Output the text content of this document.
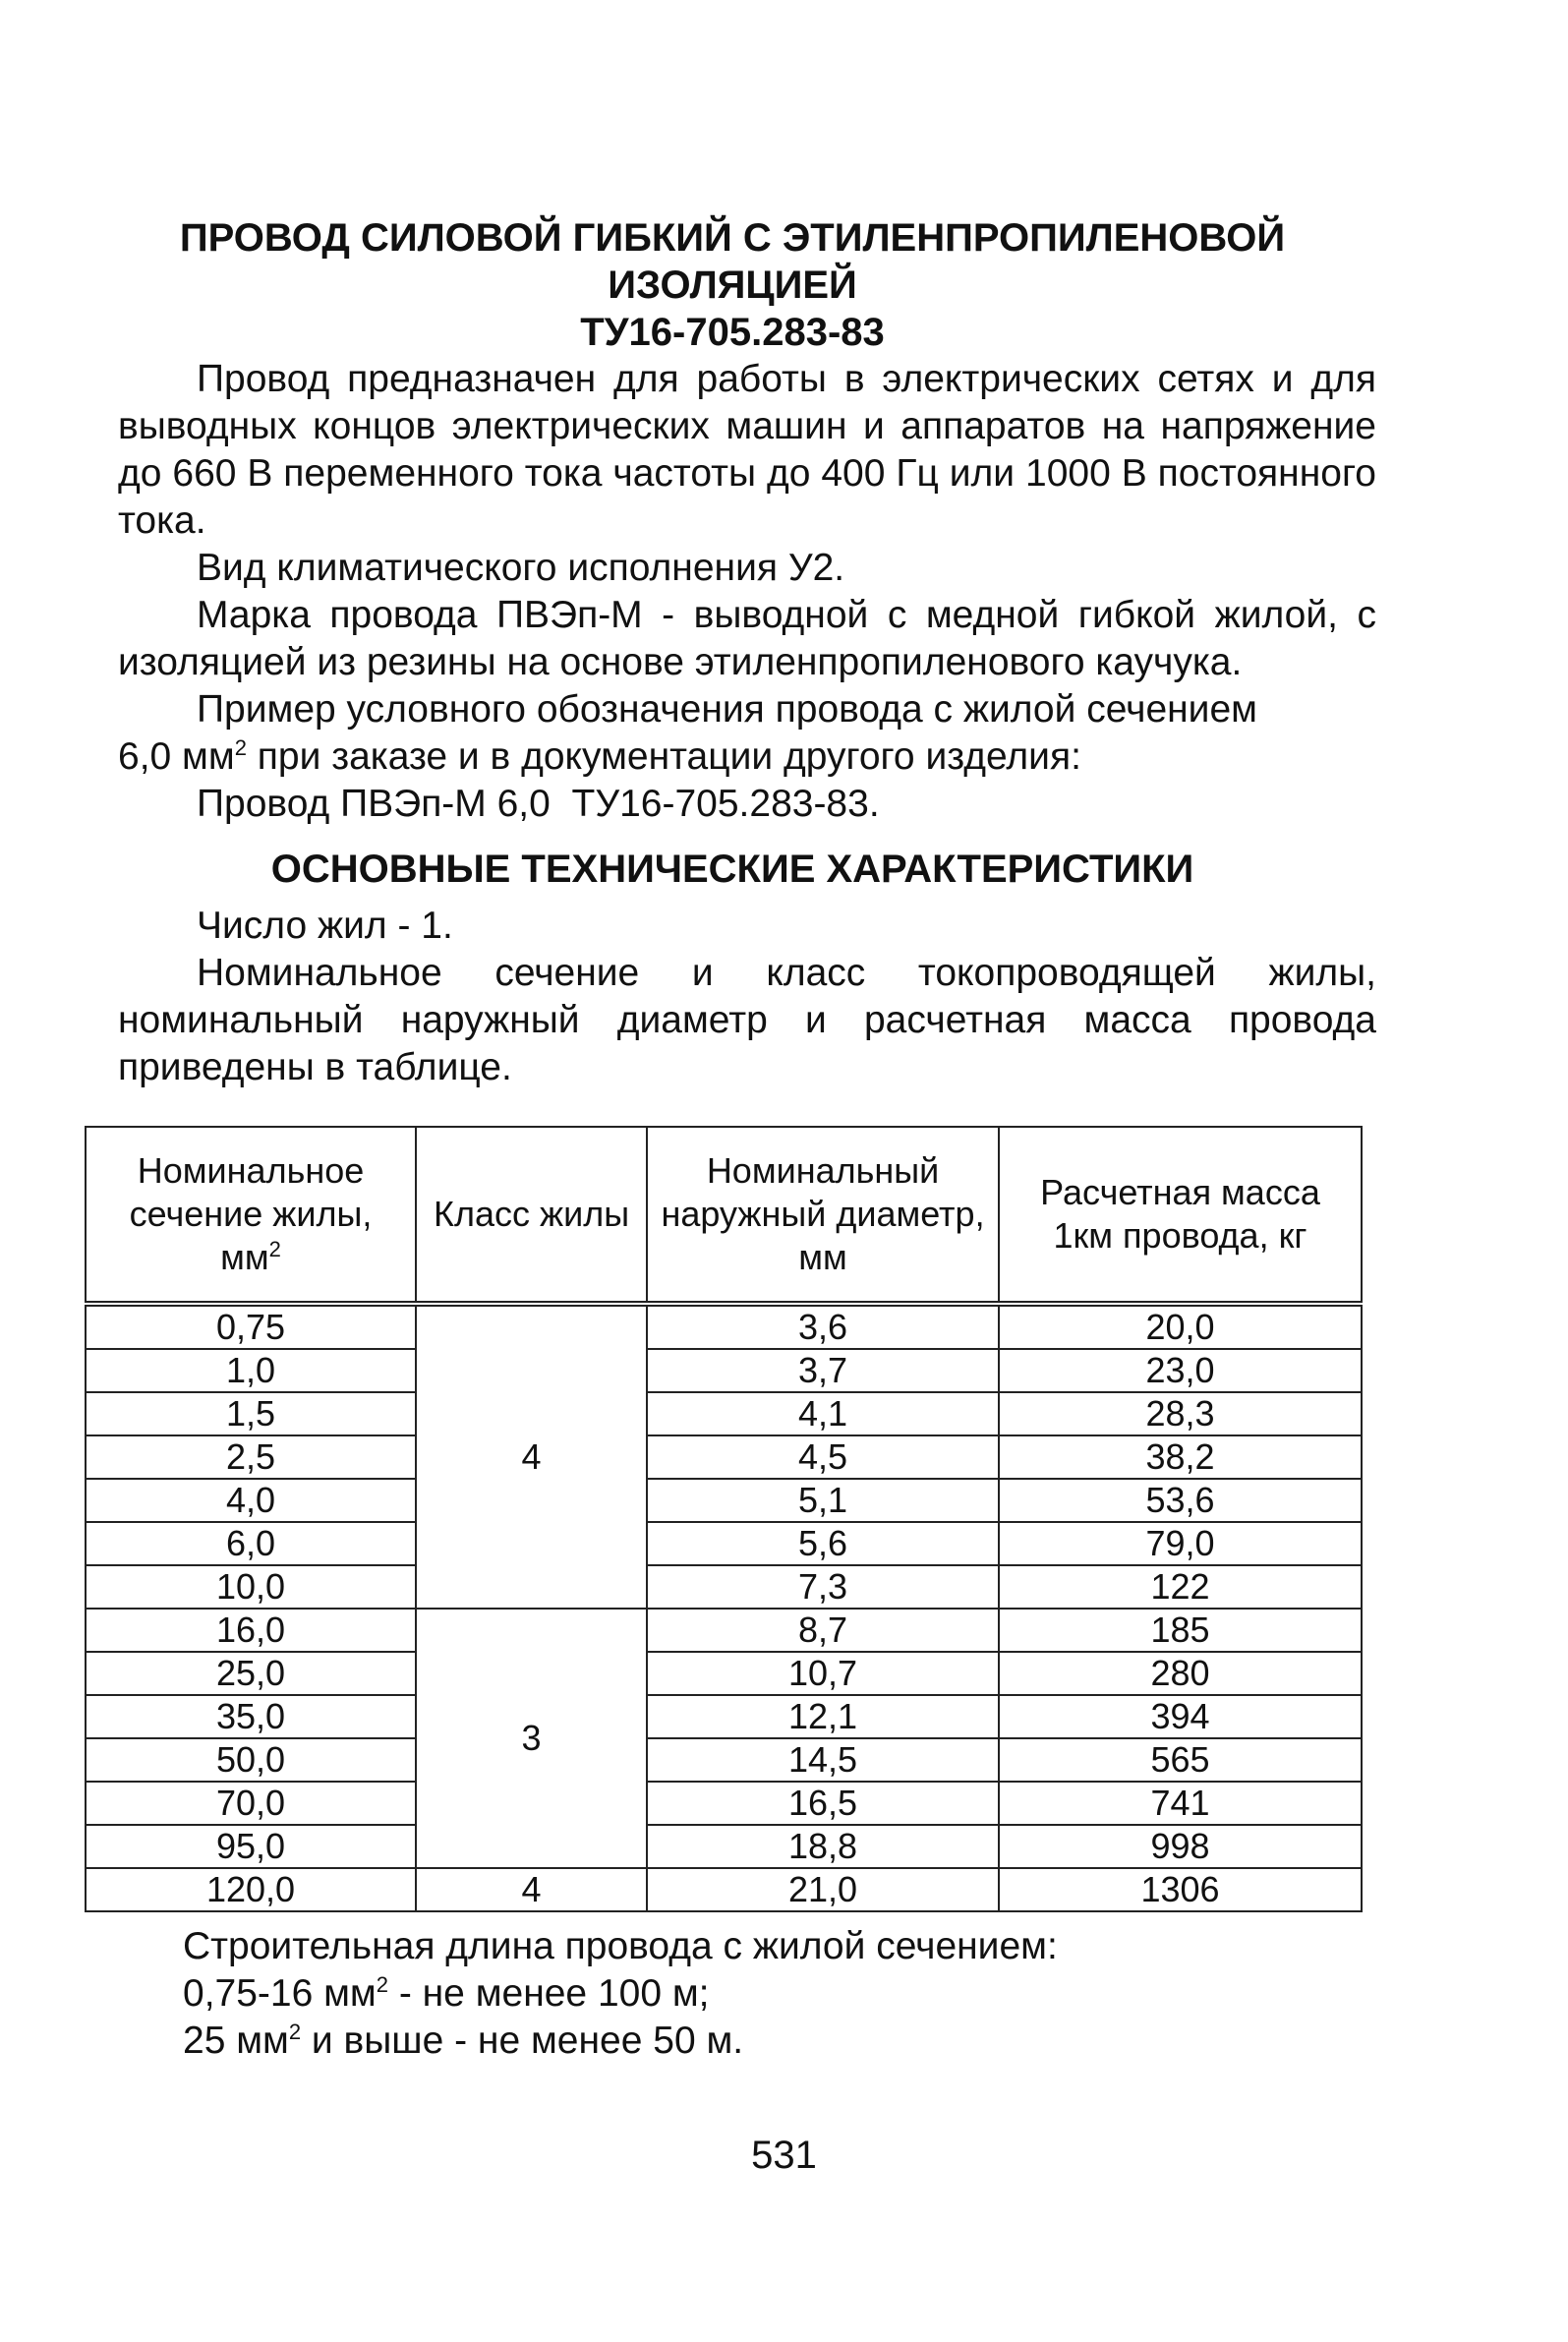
ПРОВОД СИЛОВОЙ ГИБКИЙ С ЭТИЛЕНПРОПИЛЕНОВОЙ
ИЗОЛЯЦИЕЙ
ТУ16-705.283-83
Провод предназначен для работы в электрических сетях и для выводных концов электрических машин и аппаратов на напряжение до 660 В переменного тока частоты до 400 Гц или 1000 В постоянного тока.
Вид климатического исполнения У2.
Марка провода ПВЭп-М - выводной с медной гибкой жилой, с изоляцией из резины на основе этиленпропиленового каучука.
Пример условного обозначения провода с жилой сечением
6,0 $мм^2$ при заказе и в документации другого изделия:
Провод ПВЭп-М 6,0  ТУ16-705.283-83.
ОСНОВНЫЕ ТЕХНИЧЕСКИЕ ХАРАКТЕРИСТИКИ
Число жил - 1.
Номинальное сечение и класс токопроводящей жилы, номинальный наружный диаметр и расчетная масса провода приведены в таблице.
Номинальное сечение жилы, $мм^2$	Класс жилы	Номинальный наружный диаметр, мм	Расчетная масса 1км провода, кг
0,75	4	3,6	20,0
1,0		3,7	23,0
1,5		4,1	28,3
2,5		4,5	38,2
4,0		5,1	53,6
6,0		5,6	79,0
10,0		7,3	122
16,0	3	8,7	185
25,0		10,7	280
35,0		12,1	394
50,0		14,5	565
70,0		16,5	741
95,0		18,8	998
120,0	4	21,0	1306
Строительная длина провода с жилой сечением:
0,75-16 $мм^2$ - не менее 100 м;
25 $мм^2$ и выше - не менее 50 м.
531
